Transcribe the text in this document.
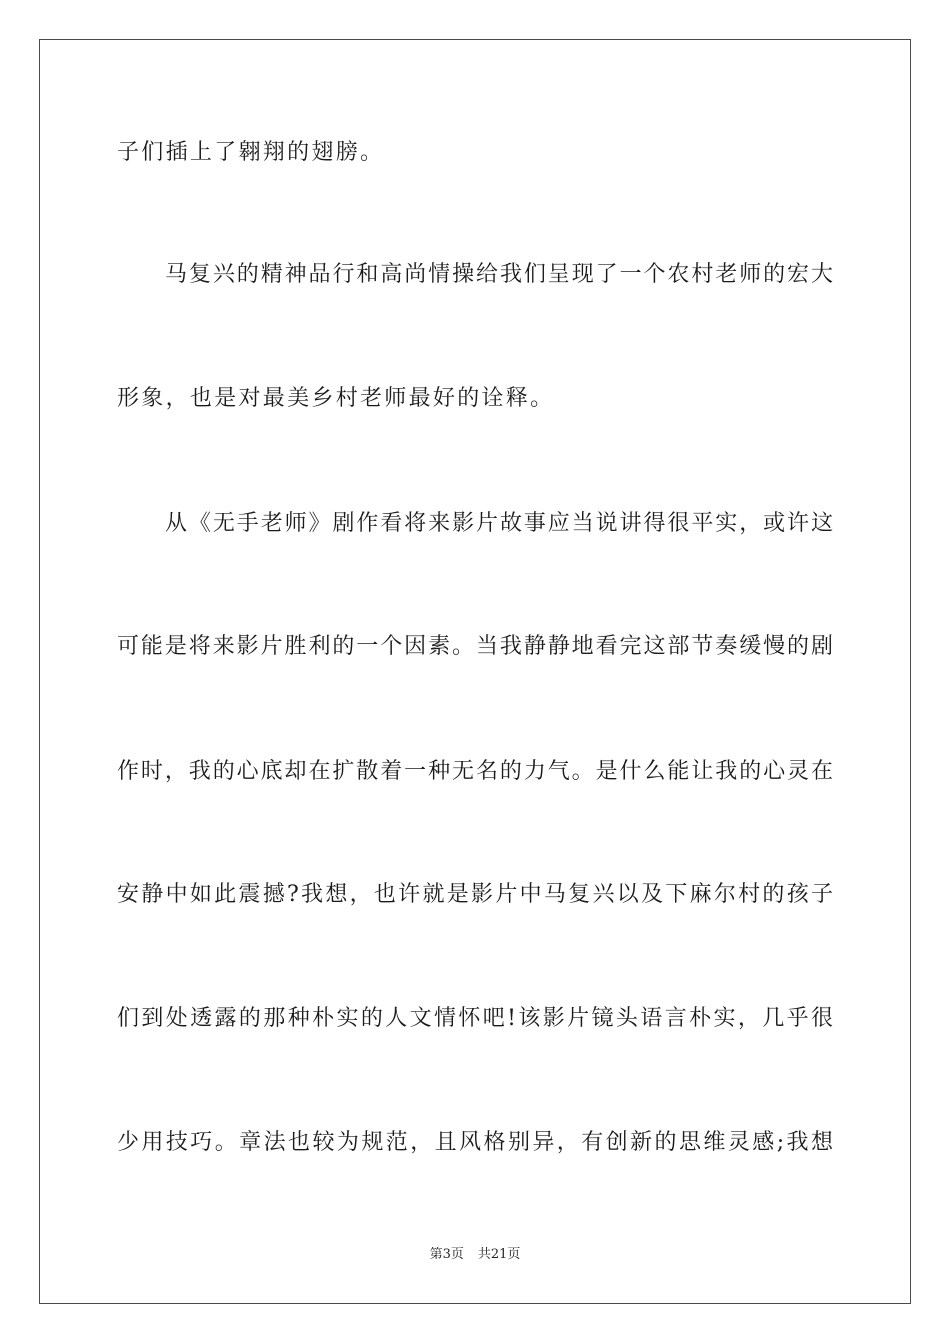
子们插上了翱翔的翅膀。
马复兴的精神品行和高尚情操给我们呈现了一个农村老师的宏大
形象，也是对最美乡村老师最好的诠释。
从《无手老师》剧作看将来影片故事应当说讲得很平实，或许这
可能是将来影片胜利的一个因素。当我静静地看完这部节奏缓慢的剧
作时，我的心底却在扩散着一种无名的力气。是什么能让我的心灵在
安静中如此震撼?我想，也许就是影片中马复兴以及下麻尔村的孩子
们到处透露的那种朴实的人文情怀吧!该影片镜头语言朴实，几乎很
少用技巧。章法也较为规范，且风格别异，有创新的思维灵感;我想
第3页 共21页
